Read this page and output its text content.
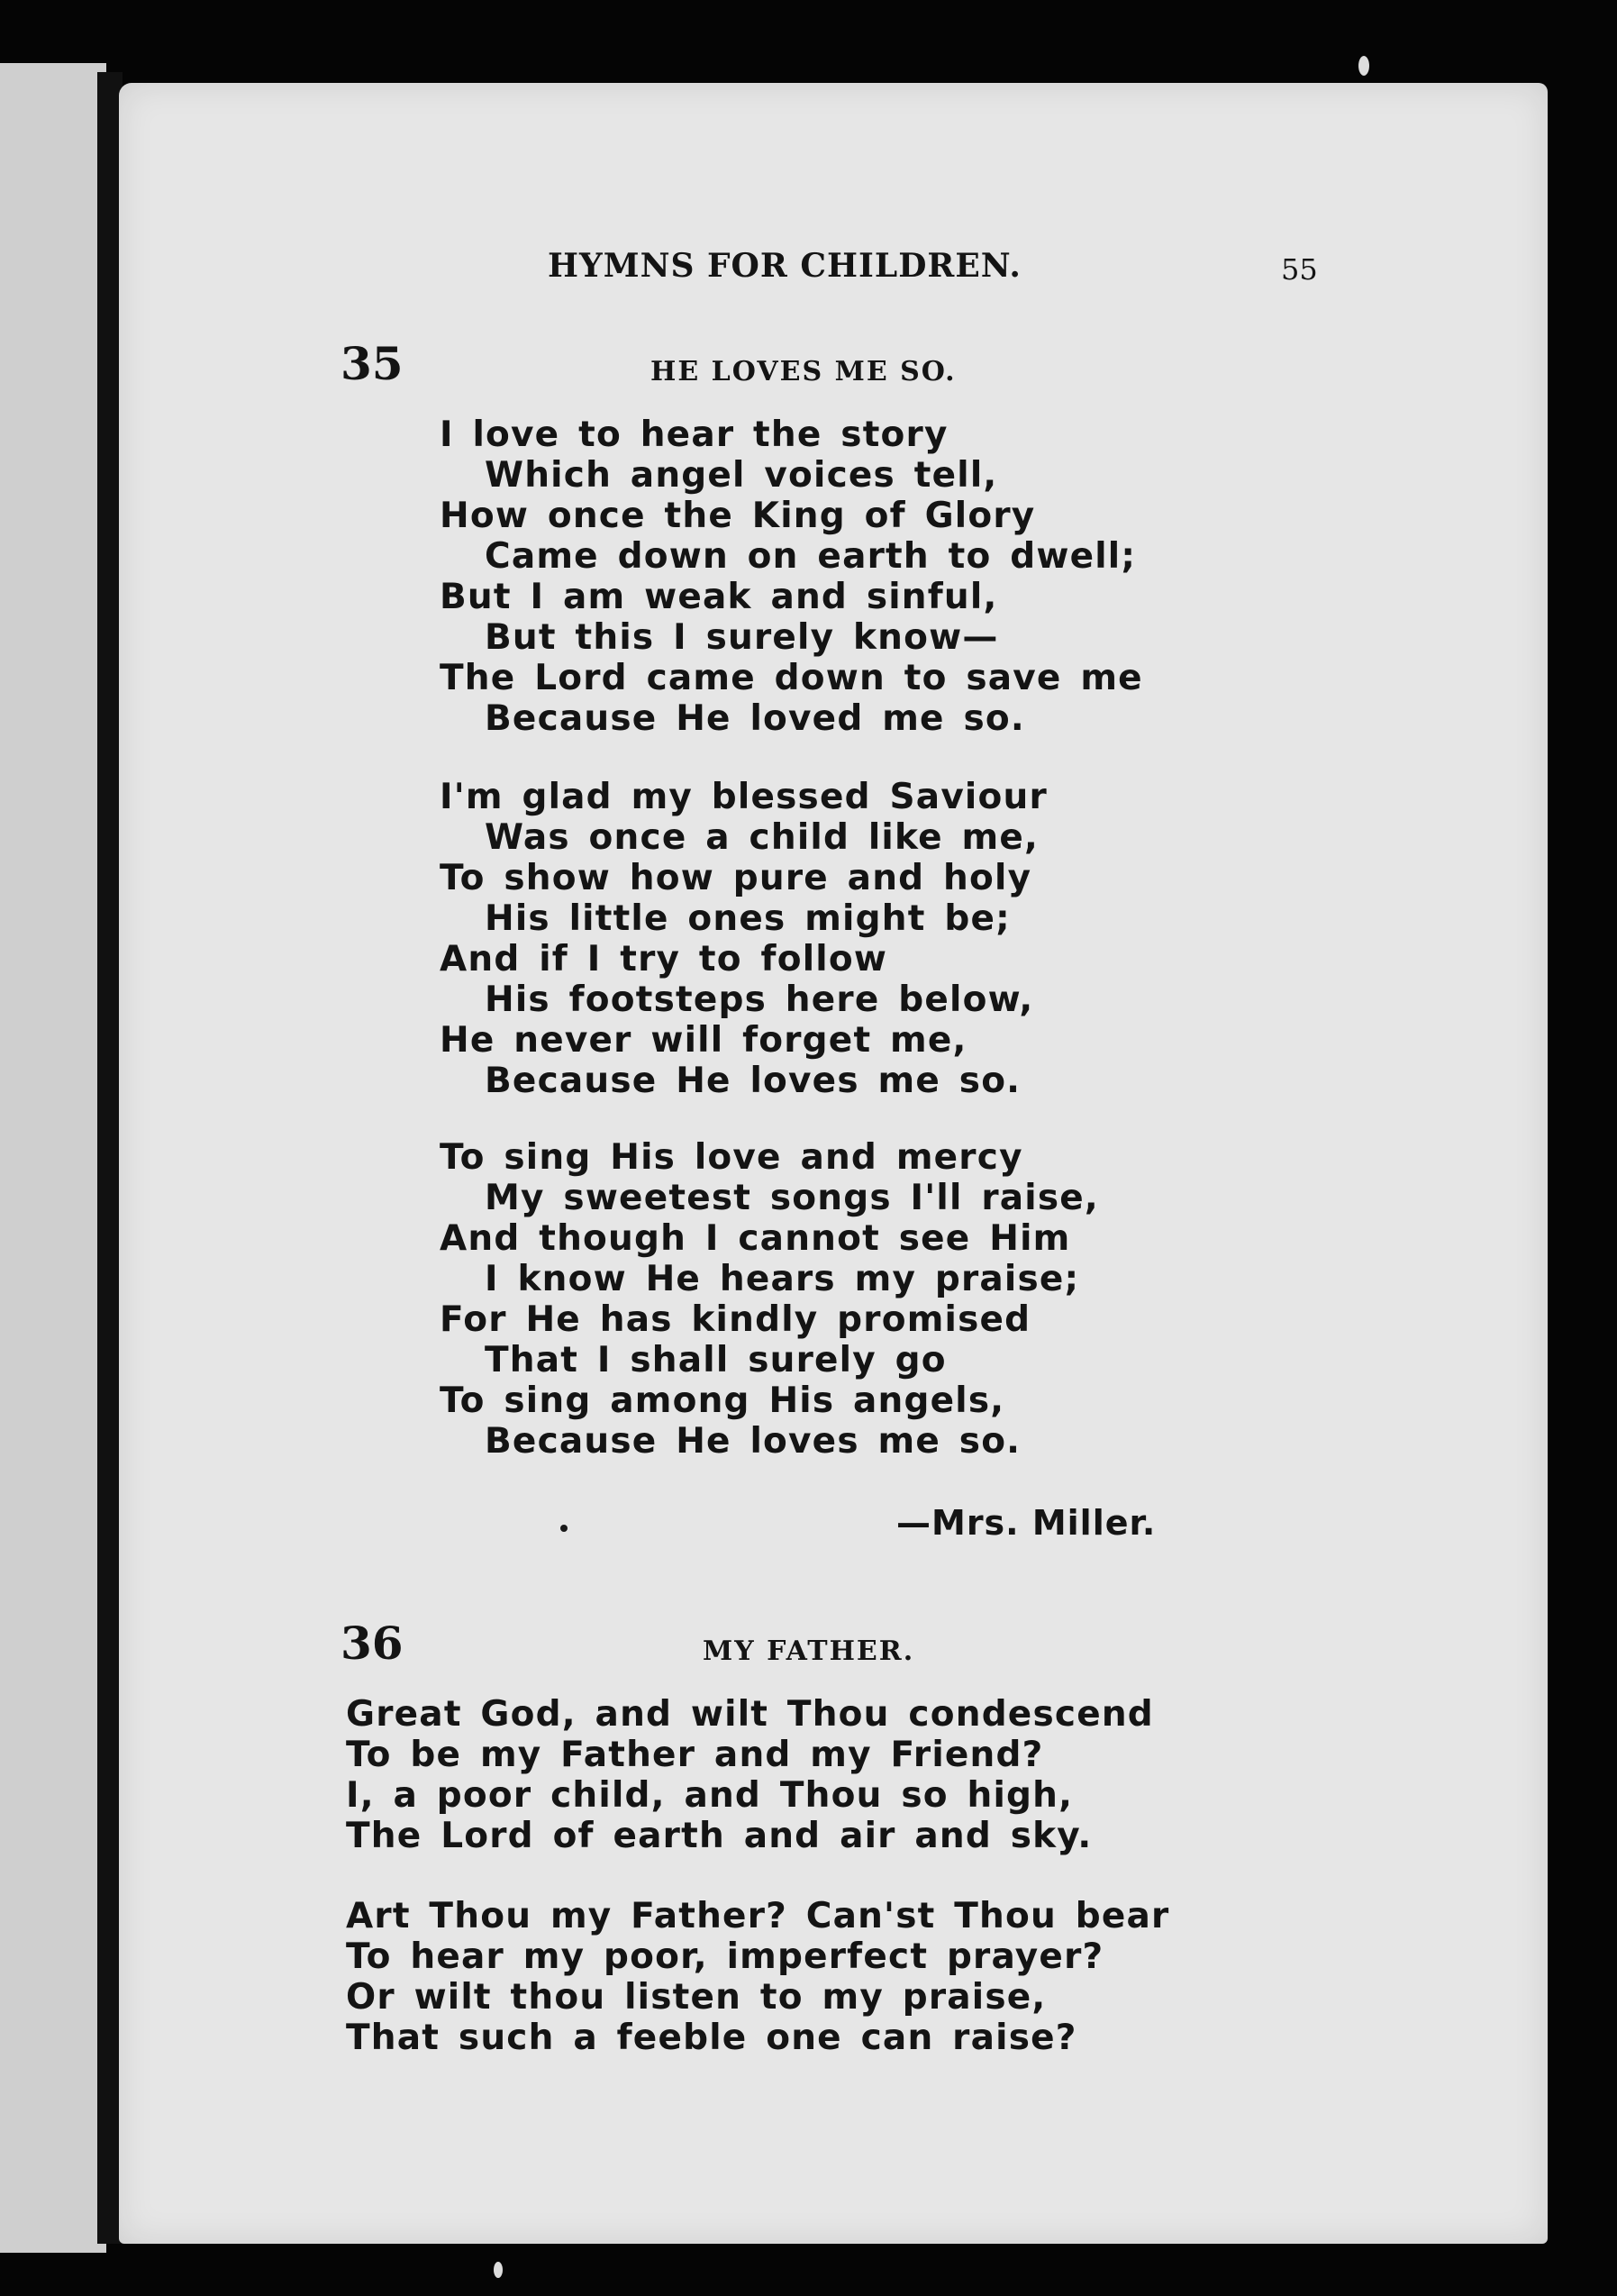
HYMNS FOR CHILDREN.	55

35	HE LOVES ME SO.

I love to hear the story
Which angel voices tell,
How once the King of Glory
Came down on earth to dwell;
But I am weak and sinful,
But this I surely know—
The Lord came down to save me
Because He loved me so.
I'm glad my blessed Saviour
Was once a child like me,
To show how pure and holy
His little ones might be;
And if I try to follow
His footsteps here below,
He never will forget me,
Because He loves me so.
To sing His love and mercy
My sweetest songs I'll raise,
And though I cannot see Him
I know He hears my praise;
For He has kindly promised
That I shall surely go
To sing among His angels,
Because He loves me so.

—Mrs. Miller.

36	MY FATHER.

Great God, and wilt Thou condescend
To be my Father and my Friend?
I, a poor child, and Thou so high,
The Lord of earth and air and sky.
Art Thou my Father? Can'st Thou bear
To hear my poor, imperfect prayer?
Or wilt thou listen to my praise,
That such a feeble one can raise?
